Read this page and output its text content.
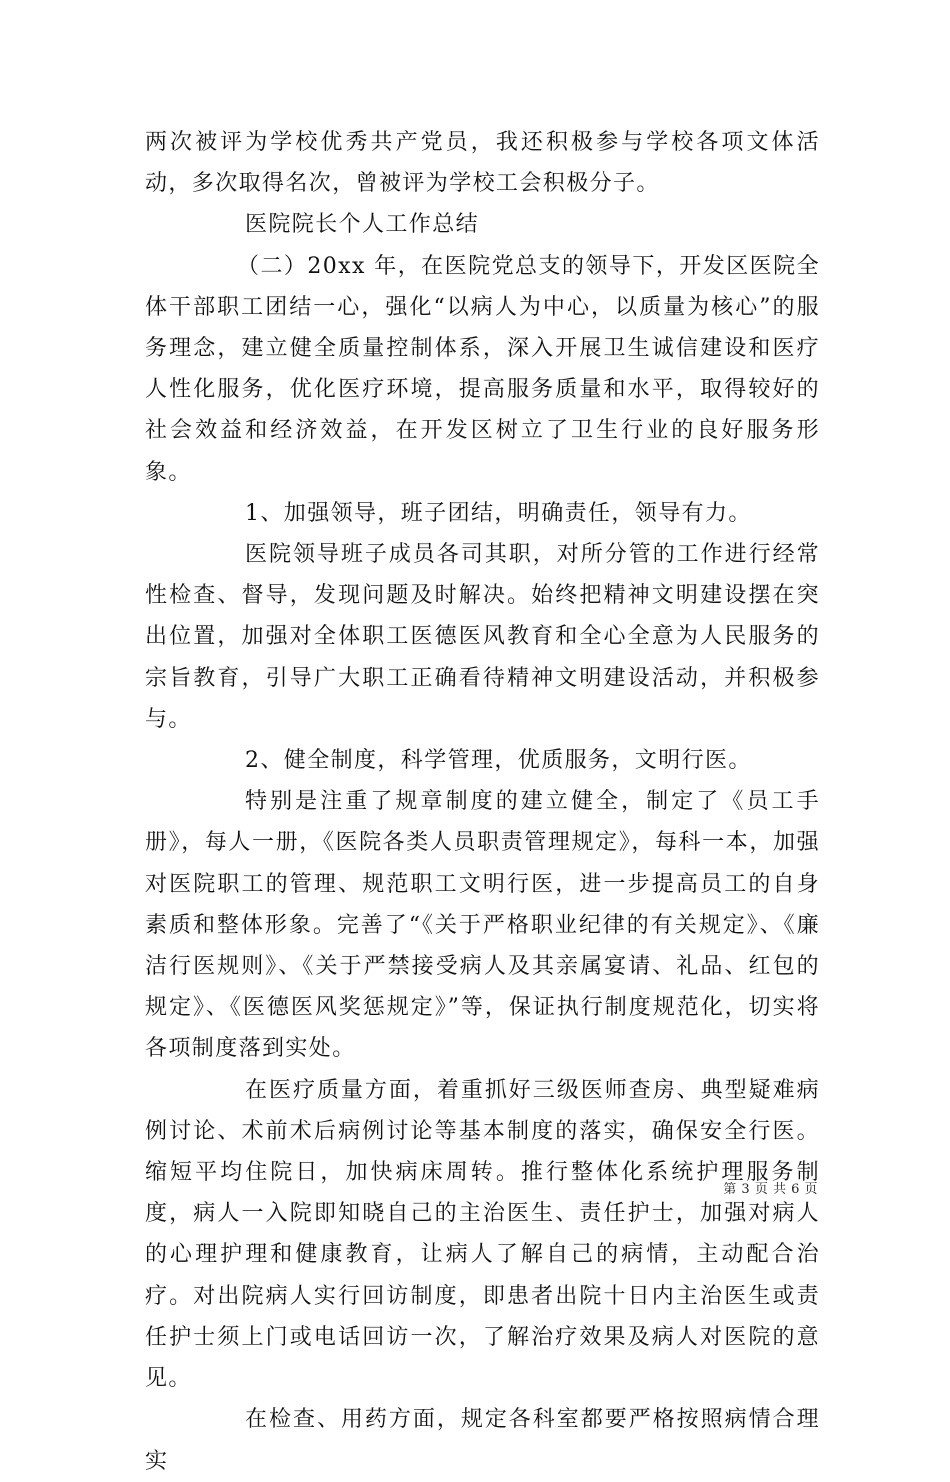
两次被评为学校优秀共产党员，我还积极参与学校各项文体活动，多次取得名次，曾被评为学校工会积极分子。

医院院长个人工作总结

（二）20xx 年，在医院党总支的领导下，开发区医院全体干部职工团结一心，强化“以病人为中心，以质量为核心”的服务理念，建立健全质量控制体系，深入开展卫生诚信建设和医疗人性化服务，优化医疗环境，提高服务质量和水平，取得较好的社会效益和经济效益，在开发区树立了卫生行业的良好服务形象。

1、加强领导，班子团结，明确责任，领导有力。

医院领导班子成员各司其职，对所分管的工作进行经常性检查、督导，发现问题及时解决。始终把精神文明建设摆在突出位置，加强对全体职工医德医风教育和全心全意为人民服务的宗旨教育，引导广大职工正确看待精神文明建设活动，并积极参与。

2、健全制度，科学管理，优质服务，文明行医。

特别是注重了规章制度的建立健全，制定了《员工手册》，每人一册，《医院各类人员职责管理规定》，每科一本，加强对医院职工的管理、规范职工文明行医，进一步提高员工的自身素质和整体形象。完善了“《关于严格职业纪律的有关规定》、《廉洁行医规则》、《关于严禁接受病人及其亲属宴请、礼品、红包的规定》、《医德医风奖惩规定》”等，保证执行制度规范化，切实将各项制度落到实处。

在医疗质量方面，着重抓好三级医师查房、典型疑难病例讨论、术前术后病例讨论等基本制度的落实，确保安全行医。缩短平均住院日，加快病床周转。推行整体化系统护理服务制度，病人一入院即知晓自己的主治医生、责任护士，加强对病人的心理护理和健康教育，让病人了解自己的病情，主动配合治疗。对出院病人实行回访制度，即患者出院十日内主治医生或责任护士须上门或电话回访一次，了解治疗效果及病人对医院的意见。

在检查、用药方面，规定各科室都要严格按照病情合理实

第 3 页 共 6 页
